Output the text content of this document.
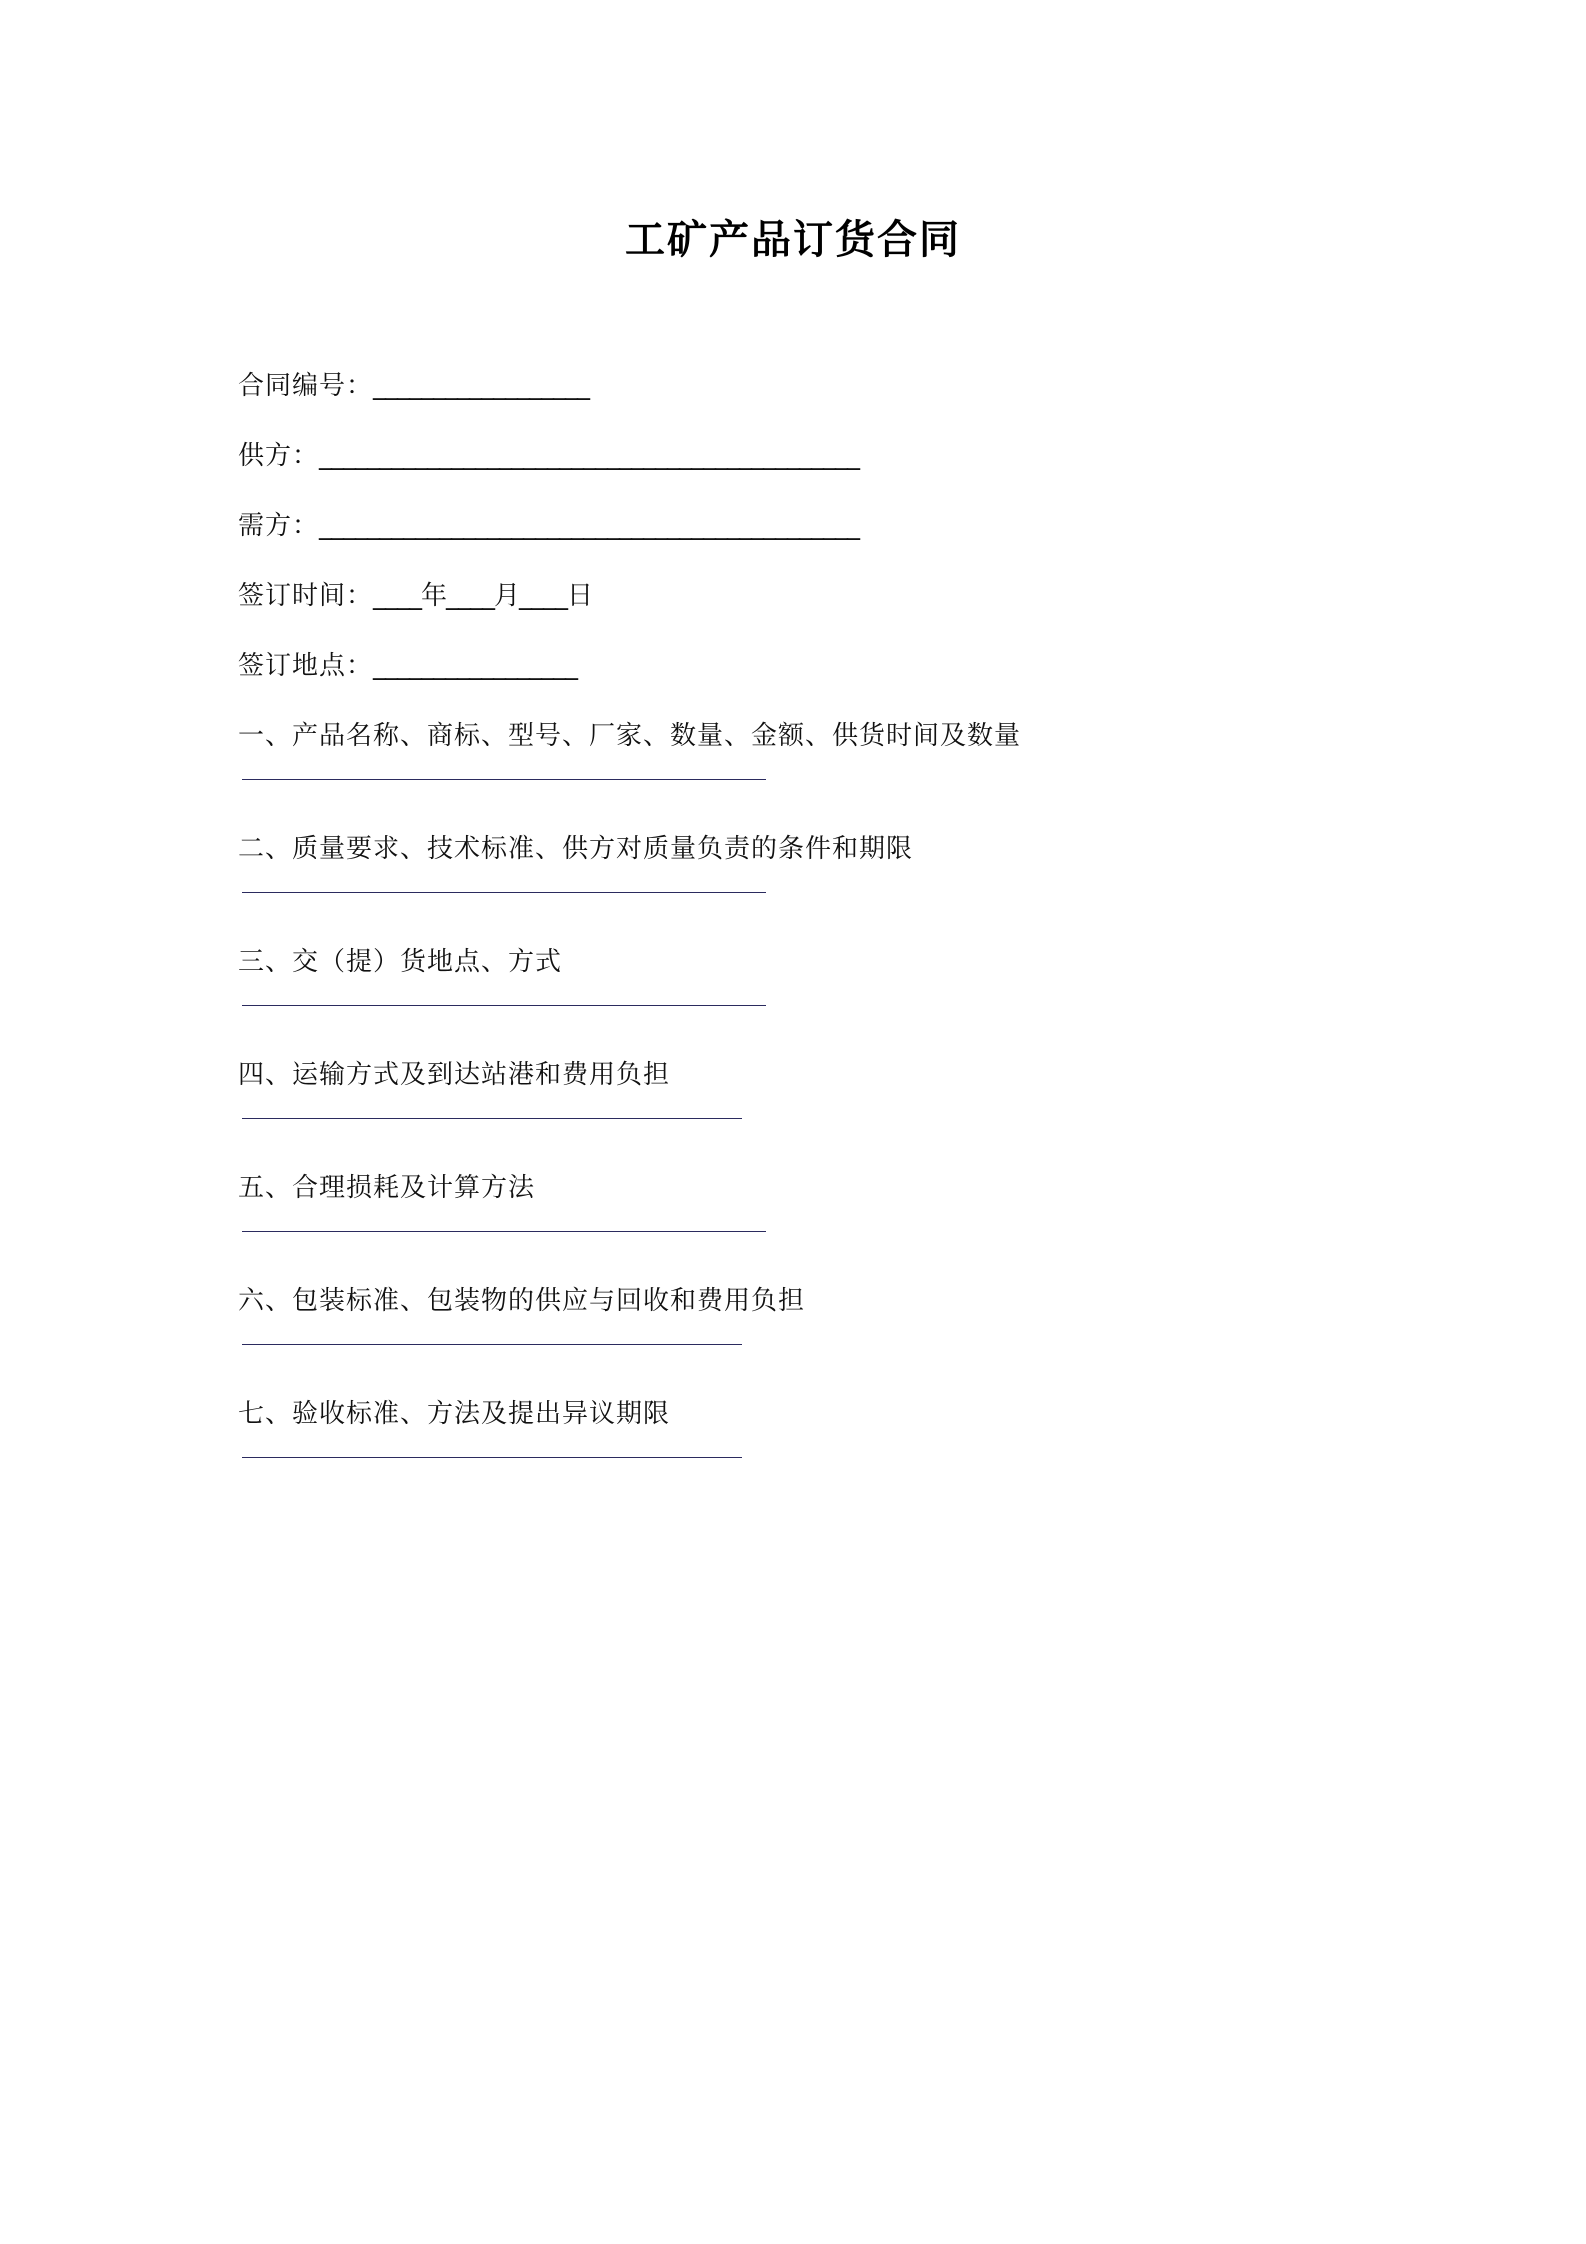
工矿产品订货合同
合同编号：__________________
供方：_____________________________________________
需方：_____________________________________________
签订时间：____年____月____日
签订地点：_________________
一、产品名称、商标、型号、厂家、数量、金额、供货时间及数量
二、质量要求、技术标准、供方对质量负责的条件和期限
三、交（提）货地点、方式
四、运输方式及到达站港和费用负担
五、合理损耗及计算方法
六、包装标准、包装物的供应与回收和费用负担
七、验收标准、方法及提出异议期限
